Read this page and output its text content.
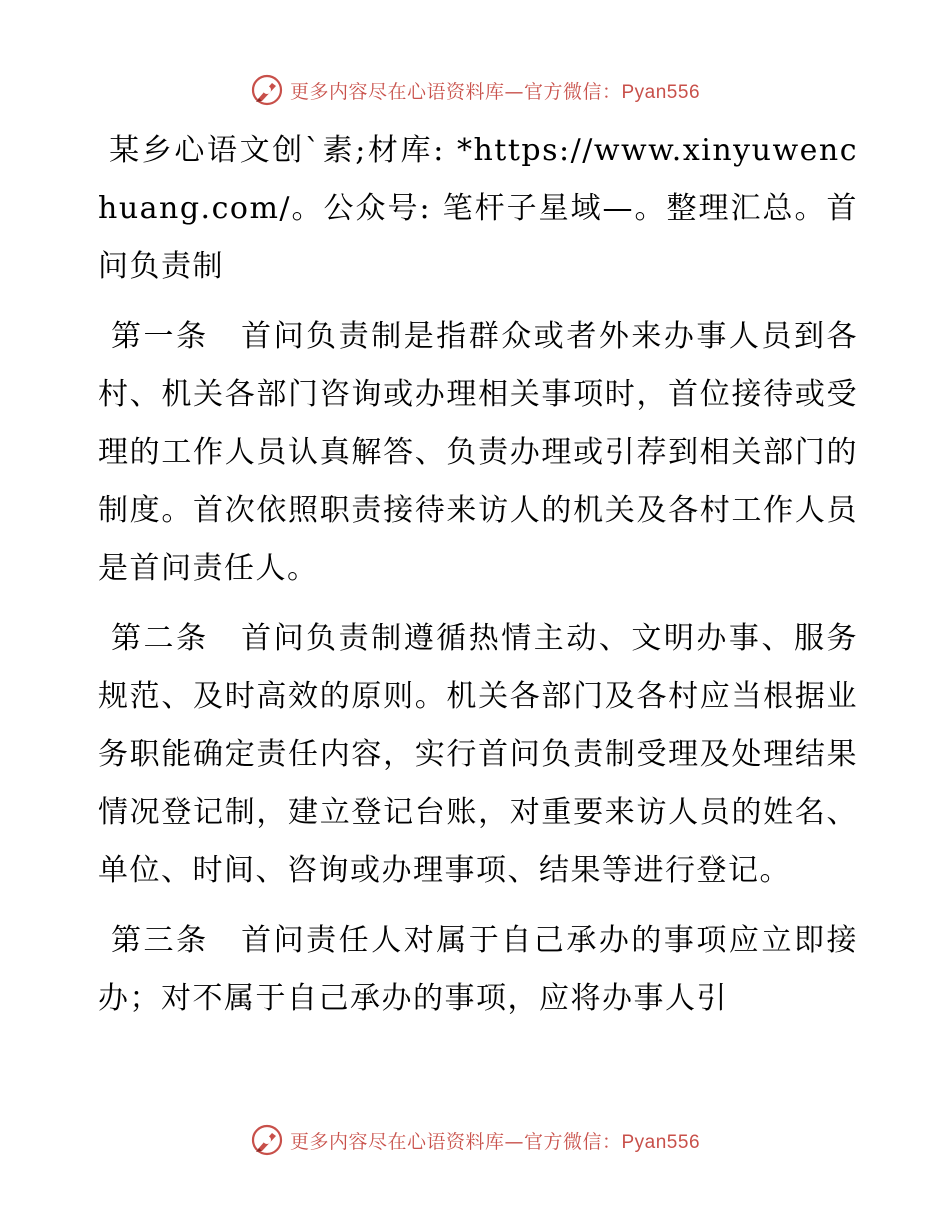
更多内容尽在心语资料库—官方微信：Pyan556

某乡心语文创`素;材库: *https://www.xinyuwenchuang.com/。公众号: 笔杆子星域—。整理汇总。首问负责制

第一条　首问负责制是指群众或者外来办事人员到各村、机关各部门咨询或办理相关事项时，首位接待或受理的工作人员认真解答、负责办理或引荐到相关部门的制度。首次依照职责接待来访人的机关及各村工作人员是首问责任人。

第二条　首问负责制遵循热情主动、文明办事、服务规范、及时高效的原则。机关各部门及各村应当根据业务职能确定责任内容，实行首问负责制受理及处理结果情况登记制，建立登记台账，对重要来访人员的姓名、单位、时间、咨询或办理事项、结果等进行登记。

第三条　首问责任人对属于自己承办的事项应立即接办；对不属于自己承办的事项，应将办事人引

更多内容尽在心语资料库—官方微信：Pyan556
